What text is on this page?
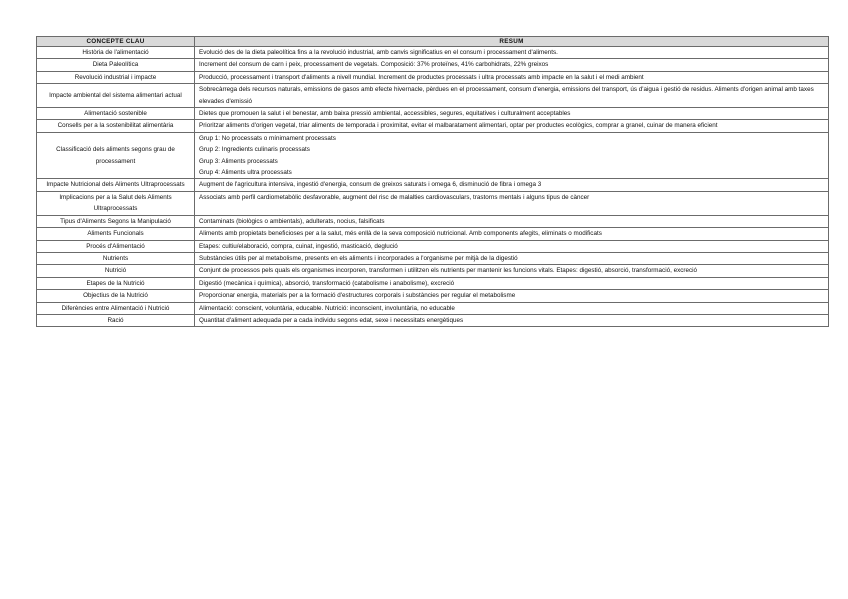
CONCEPTE CLAU	RESUM
Història de l'alimentació	Evolució des de la dieta paleolítica fins a la revolució industrial, amb canvis significatius en el consum i processament d'aliments.

Dieta Paleolítica	Increment del consum de carn i peix, processament de vegetals. Composició: 37% proteïnes, 41% carbohidrats, 22% greixos

Revolució industrial i impacte	Producció, processament i transport d'aliments a nivell mundial. Increment de productes processats i ultra processats amb impacte en la salut i el medi ambient

Impacte ambiental del sistema alimentari actual	Sobrecàrrega dels recursos naturals, emissions de gasos amb efecte hivernacle, pèrdues en el processament, consum d'energia, emissions del transport, ús d'aigua i gestió de residus. Aliments d'origen animal amb taxes elevades d'emissió

Alimentació sostenible	Dietes que promouen la salut i el benestar, amb baixa pressió ambiental, accessibles, segures, equitatives i culturalment acceptables

Consells per a la sostenibilitat alimentària	Prioritzar aliments d'origen vegetal, triar aliments de temporada i proximitat, evitar el malbaratament alimentari, optar per productes ecològics, comprar a granel, cuinar de manera eficient

Classificació dels aliments segons grau de processament	Grup 1: No processats o mínimament processats
Grup 2: Ingredients culinaris processats
Grup 3: Aliments processats
Grup 4: Aliments ultra processats

Impacte Nutricional dels Aliments Ultraprocessats	Augment de l'agricultura intensiva, ingestió d'energia, consum de greixos saturats i omega 6, disminució de fibra i omega 3

Implicacions per a la Salut dels Aliments Ultraprocessats	Associats amb perfil cardiometabòlic desfavorable, augment del risc de malalties cardiovasculars, trastorns mentals i alguns tipus de càncer

Tipus d'Aliments Segons la Manipulació	Contaminats (biològics o ambientals), adulterats, nocius, falsificats

Aliments Funcionals	Aliments amb propietats beneficioses per a la salut, més enllà de la seva composició nutricional. Amb components afegits, eliminats o modificats

Procés d'Alimentació	Etapes: cultiu/elaboració, compra, cuinat, ingestió, masticació, deglució

Nutrients	Substàncies útils per al metabolisme, presents en els aliments i incorporades a l'organisme per mitjà de la digestió

Nutrició	Conjunt de processos pels quals els organismes incorporen, transformen i utilitzen els nutrients per mantenir les funcions vitals. Etapes: digestió, absorció, transformació, excreció

Etapes de la Nutrició	Digestió (mecànica i química), absorció, transformació (catabolisme i anabolisme), excreció

Objectius de la Nutrició	Proporcionar energia, materials per a la formació d'estructures corporals i substàncies per regular el metabolisme

Diferències entre Alimentació i Nutrició	Alimentació: conscient, voluntària, educable. Nutrició: inconscient, involuntària, no educable

Ració	Quantitat d'aliment adequada per a cada individu segons edat, sexe i necessitats energètiques
